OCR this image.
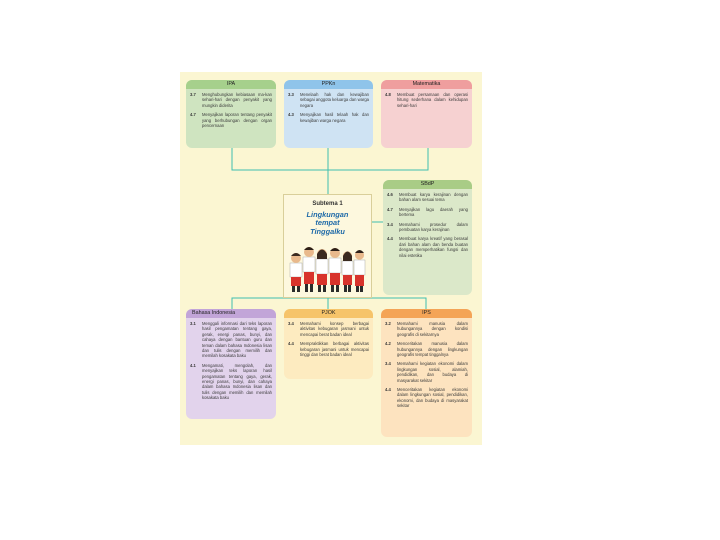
IPA
3.7	Menghubungkan kebiasaan ma-kan sehari-hari dengan penyakit yang mungkin diderita
4.7	Menyajikan laporan tentang penyakit yang berhubungan dengan organ pencernaan
PPKn
3.3	Menelaah hak dan kewajiban sebagai anggota keluarga dan warga negara
4.3	Menyajikan hasil telaah hak dan kewajiban warga negara
Matematika
4.8	Membuat persamaan dan operasi hitung sederhana dalam kehidupan sehari-hari
SBdP
4.6	Membuat karya kerajinan dengan bahan alam sesuai tema
4.7	Menyajikan lagu daerah yang bertema
3.4	Memahami prosedur dalam pembuatan karya kerajinan
4.4	Membuat karya kreatif yang berasal dari bahan alam dan benda buatan dengan memperhatikan fungsi dan nilai estetika
Subtema 1
Lingkungan
tempat
Tinggalku
Bahasa Indonesia
3.1	Menggali informasi dari teks laporan hasil pengamatan tentang gaya, gerak, energi panas, bunyi, dan cahaya dengan bantuan guru dan teman dalam bahasa Indonesia lisan dan tulis dengan memilih dan memilah kosakata baku
4.1	Mengamati, mengolah, dan menyajikan teks laporan hasil pengamatan tentang gaya, gerak, energi panas, bunyi, dan cahaya dalam bahasa Indonesia lisan dan tulis dengan memilih dan memilah kosakata baku
PJOK
3.4	Memahami konsep berbagai aktivitas kebugaran jasmani untuk mencapai berat badan ideal
4.4	Mempraktikkan berbagai aktivitas kebugaran jasmani untuk mencapai tinggi dan berat badan ideal
IPS
3.2	Memahami manusia dalam hubungannya dengan kondisi geografis di sekitarnya
4.2	Menceritakan manusia dalam hubungannya dengan lingkungan geografis tempat tinggalnya
3.4	Memahami kegiatan ekonomi dalam lingkungan sosial, alamiah, pendidikan, dan budaya di masyarakat sekitar
4.4	Menceritakan kegiatan ekonomi dalam lingkungan sosial, pendidikan, ekonomi, dan budaya di masyarakat sekitar
